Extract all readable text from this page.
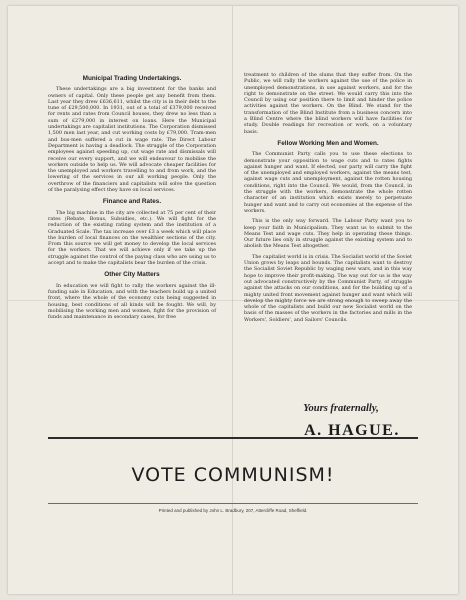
Municipal Trading Undertakings.

These undertakings are a big investment for the banks and owners of capital. Only these people get any benefit from them. Last year they drew £636,611, whilst the city is in their debt to the tune of £29,500,000. In 1931, out of a total of £379,000 received for rents and rates from Council houses, they drew no less than a sum of £279,000 in interest on loans. Here the Municipal undertakings are capitalist institutions. The Corporation dismissed 1,500 men last year, and cut working costs by £79,000. Tram-men and bus-men suffered a cut in wage rate. The Direct Labour Department is having a deadlock. The struggle of the Corporation employees against speeding up, cut wage rate and dismissals will receive our every support, and we will endeavour to mobilise the workers outside to help us. We will advocate cheaper facilities for the unemployed and workers travelling to and from work, and the lowering of the services in our all working people. Only the overthrow of the financiers and capitalists will solve the question of the paralysing effect they have on local services.

Finance and Rates.

The big machine in the city are collected at 75 per cent of their rates (Rebate, Bonus, Subsidies, etc.). We will fight for the reduction of the existing rating system and the institution of a Graduated Scale. The tax increase over £3 a week which will place the burden of local finances on the wealthier sections of the city. From this source we will get money to develop the local services for the workers. That we will achieve only if we take up the struggle against the control of the paying class who are using us to accept and to make the capitalists bear the burden of the crisis.

Other City Matters

In education we will fight to rally the workers against the ill-funding sale in Education, and with the teachers build up a united front, where the whole of the economy cuts being suggested in housing, best conditions of all kinds will be fought. We will, by mobilising the working men and women, fight for the provision of funds and maintenance in secondary cases, for free

treatment to children of the slums that they suffer from. On the Public, we will rally the workers against the use of the police in unemployed demonstrations, in use against workers, and for the right to demonstrate on the street. We would carry this into the Council by using our position there to limit and hinder the police activities against the workers. On the Blind. We stand for the transformation of the Blind Institute from a business concern into a Blind Centre where the blind workers will have facilities for study. Double readings for recreation or work, on a voluntary basis.

Fellow Working Men and Women.

The Communist Party calls you to use these elections to demonstrate your opposition to wage cuts and to rates fights against hunger and want. If elected, our party will carry the fight of the unemployed and employed workers, against the means test, against wage cuts and unemployment, against the rotten housing conditions, right into the Council. We would, from the Council, in the struggle with the workers, demonstrate the whole rotten character of an institution which exists merely to perpetuate hunger and want and to carry out economies at the expense of the workers.

This is the only way forward. The Labour Party want you to keep your faith in Municipalism. They want us to submit to the Means Test and wage cuts. They help in operating these things. Our future lies only in struggle against the existing system and to abolish the Means Test altogether.

The capitalist world is in crisis. The Socialist world of the Soviet Union grows by leaps and bounds. The capitalists want to destroy the Socialist Soviet Republic by waging new wars, and in this way hope to improve their profit-making. The way out for us is the way out advocated constructively by the Communist Party, of struggle against the attacks on our conditions, and for the building up of a mighty united front movement against hunger and want which will develop the mighty force we are strong enough to sweep away the whole of the capitalists and build our new Socialist world on the basis of the masses of the workers in the factories and mills in the Workers', Soldiers', and Sailors' Councils.

Yours fraternally,

A. HAGUE.

VOTE COMMUNISM!

Printed and published by John L. Bradbury, 207, Attercliffe Road, Sheffield.
